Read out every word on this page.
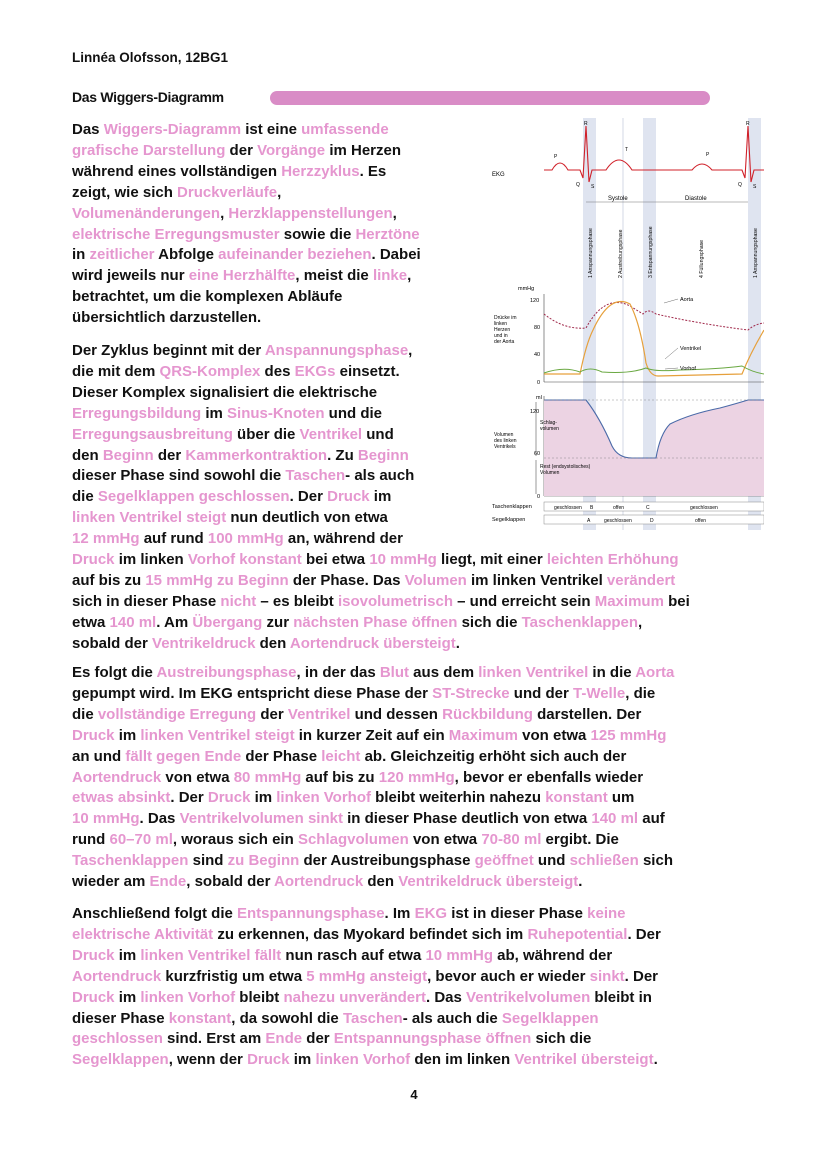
Linnéa Olofsson, 12BG1
Das Wiggers-Diagramm
Das Wiggers-Diagramm ist eine umfassende
grafische Darstellung der Vorgänge im Herzen
während eines vollständigen Herzzyklus. Es
zeigt, wie sich Druckverläufe,
Volumenänderungen, Herzklappenstellungen,
elektrische Erregungsmuster sowie die Herztöne
in zeitlicher Abfolge aufeinander beziehen. Dabei
wird jeweils nur eine Herzhälfte, meist die linke,
betrachtet, um die komplexen Abläufe
übersichtlich darzustellen.
Der Zyklus beginnt mit der Anspannungsphase,
die mit dem QRS-Komplex des EKGs einsetzt.
Dieser Komplex signalisiert die elektrische
Erregungsbildung im Sinus-Knoten und die
Erregungsausbreitung über die Ventrikel und
den Beginn der Kammerkontraktion. Zu Beginn
dieser Phase sind sowohl die Taschen- als auch
die Segelklappen geschlossen. Der Druck im
linken Ventrikel steigt nun deutlich von etwa
12 mmHg auf rund 100 mmHg an, während der
Druck im linken Vorhof konstant bei etwa 10 mmHg liegt, mit einer leichten Erhöhung
auf bis zu 15 mmHg zu Beginn der Phase. Das Volumen im linken Ventrikel verändert
sich in dieser Phase nicht – es bleibt isovolumetrisch – und erreicht sein Maximum bei
etwa 140 ml. Am Übergang zur nächsten Phase öffnen sich die Taschenklappen,
sobald der Ventrikeldruck den Aortendruck übersteigt.
Es folgt die Austreibungsphase, in der das Blut aus dem linken Ventrikel in die Aorta
gepumpt wird. Im EKG entspricht diese Phase der ST-Strecke und der T-Welle, die
die vollständige Erregung der Ventrikel und dessen Rückbildung darstellen. Der
Druck im linken Ventrikel steigt in kurzer Zeit auf ein Maximum von etwa 125 mmHg
an und fällt gegen Ende der Phase leicht ab. Gleichzeitig erhöht sich auch der
Aortendruck von etwa 80 mmHg auf bis zu 120 mmHg, bevor er ebenfalls wieder
etwas absinkt. Der Druck im linken Vorhof bleibt weiterhin nahezu konstant um
10 mmHg. Das Ventrikelvolumen sinkt in dieser Phase deutlich von etwa 140 ml auf
rund 60–70 ml, woraus sich ein Schlagvolumen von etwa 70-80 ml ergibt. Die
Taschenklappen sind zu Beginn der Austreibungsphase geöffnet und schließen sich
wieder am Ende, sobald der Aortendruck den Ventrikeldruck übersteigt.
Anschließend folgt die Entspannungsphase. Im EKG ist in dieser Phase keine
elektrische Aktivität zu erkennen, das Myokard befindet sich im Ruhepotential. Der
Druck im linken Ventrikel fällt nun rasch auf etwa 10 mmHg ab, während der
Aortendruck kurzfristig um etwa 5 mmHg ansteigt, bevor auch er wieder sinkt. Der
Druck im linken Vorhof bleibt nahezu unverändert. Das Ventrikelvolumen bleibt in
dieser Phase konstant, da sowohl die Taschen- als auch die Segelklappen
geschlossen sind. Erst am Ende der Entspannungsphase öffnen sich die
Segelklappen, wenn der Druck im linken Vorhof den im linken Ventrikel übersteigt.
4
EKG
P
Q
R
S
T
P
R
Q S
Systole	Diastole
1 Anspannungsphase	2 Austreibungsphase	3 Entspannungsphase	4 Füllungsphase	1 Anspannungsphase
mmHg
0
40
80
120
Drücke im linken Herzen und in der Aorta
Aorta
Ventrikel
Vorhof
ml
0
60
120
Schlag- volumen
Rest (endsystolisches) Volumen
Volumen des linken Ventrikels
Taschenklappen	geschlossen B	offen	C	geschlossen
Segelklappen	A	geschlossen	D	offen
